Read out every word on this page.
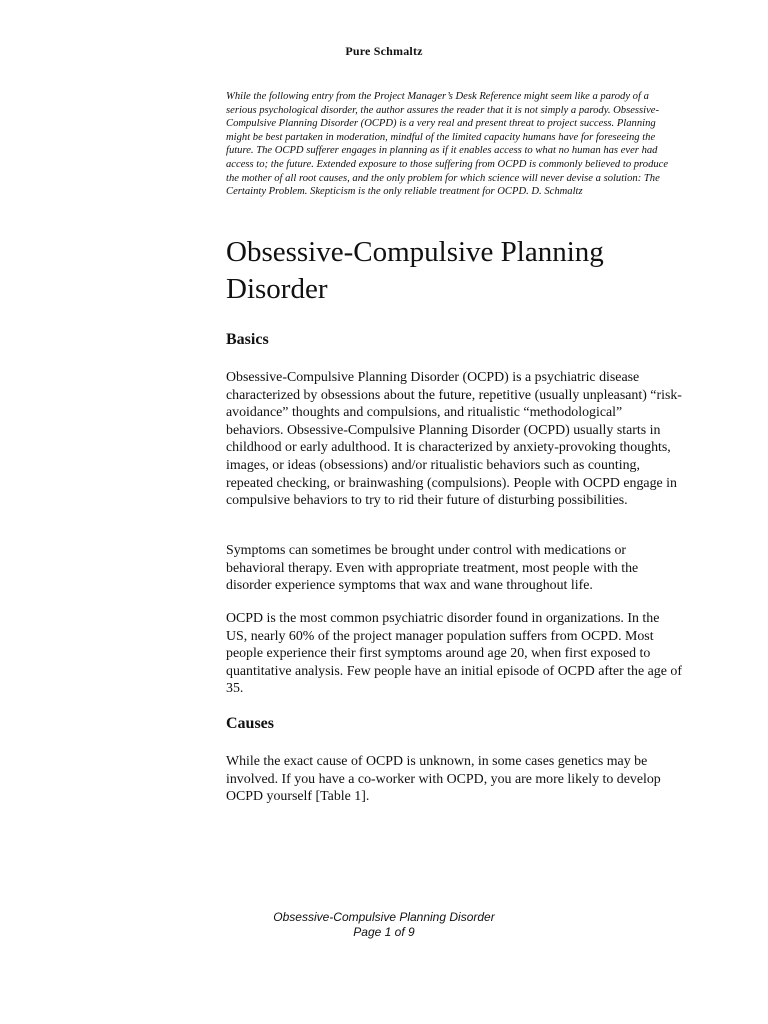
Pure Schmaltz

While the following entry from the Project Manager’s Desk Reference might seem like a parody of a serious psychological disorder, the author assures the reader that it is not simply a parody. Obsessive-Compulsive Planning Disorder (OCPD) is a very real and present threat to project success. Planning might be best partaken in moderation, mindful of the limited capacity humans have for foreseeing the future. The OCPD sufferer engages in planning as if it enables access to what no human has ever had access to; the future. Extended exposure to those suffering from OCPD is commonly believed to produce the mother of all root causes, and the only problem for which science will never devise a solution: The Certainty Problem. Skepticism is the only reliable treatment for OCPD. D. Schmaltz

Obsessive-Compulsive Planning Disorder
Basics

Obsessive-Compulsive Planning Disorder (OCPD) is a psychiatric disease characterized by obsessions about the future, repetitive (usually unpleasant) “risk-avoidance” thoughts and compulsions, and ritualistic “methodological” behaviors. Obsessive-Compulsive Planning Disorder (OCPD) usually starts in childhood or early adulthood. It is characterized by anxiety-provoking thoughts, images, or ideas (obsessions) and/or ritualistic behaviors such as counting, repeated checking, or brainwashing (compulsions). People with OCPD engage in compulsive behaviors to try to rid their future of disturbing possibilities.

Symptoms can sometimes be brought under control with medications or behavioral therapy. Even with appropriate treatment, most people with the disorder experience symptoms that wax and wane throughout life.

OCPD is the most common psychiatric disorder found in organizations. In the US, nearly 60% of the project manager population suffers from OCPD. Most people experience their first symptoms around age 20, when first exposed to quantitative analysis. Few people have an initial episode of OCPD after the age of 35.

Causes

While the exact cause of OCPD is unknown, in some cases genetics may be involved. If you have a co-worker with OCPD, you are more likely to develop OCPD yourself [Table 1].

Obsessive-Compulsive Planning Disorder
Page 1 of 9
